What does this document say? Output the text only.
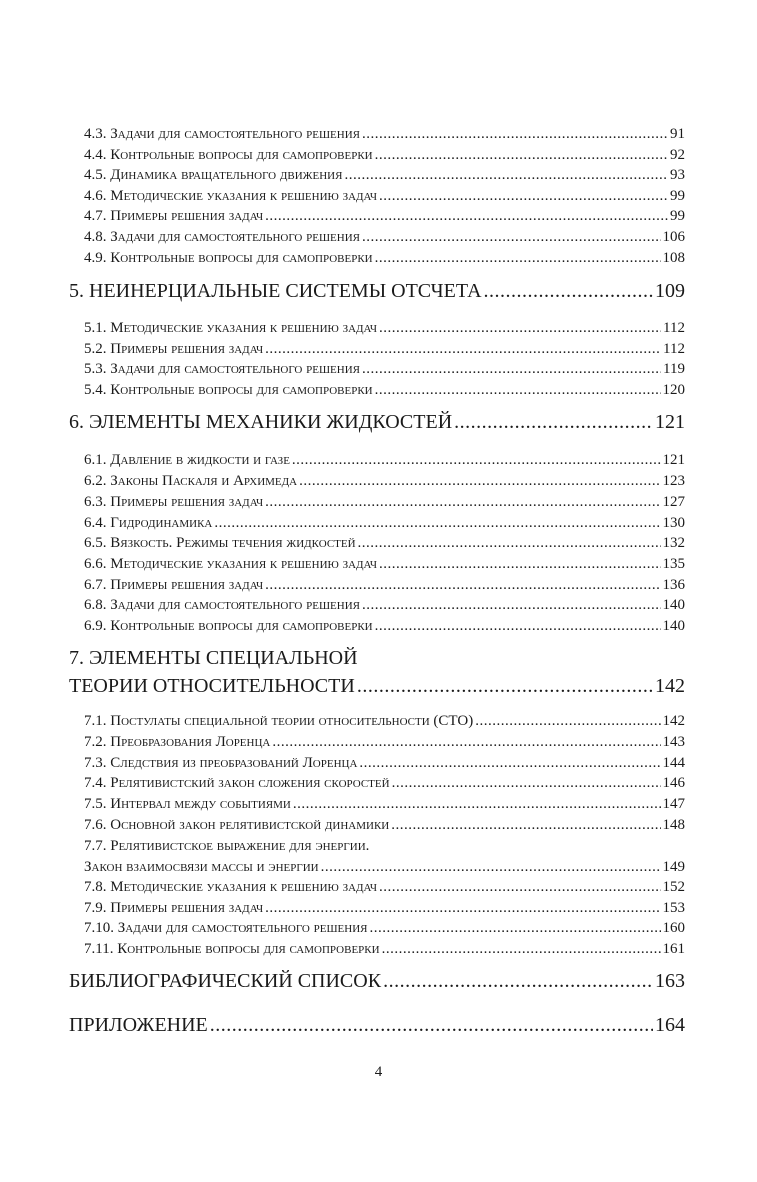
4.3. Задачи для самостоятельного решения .....	91
4.4. Контрольные вопросы для самопроверки .....	92
4.5. Динамика вращательного движения .....	93
4.6. Методические указания к решению задач .....	99
4.7. Примеры решения задач .....	99
4.8. Задачи для самостоятельного решения .....	106
4.9. Контрольные вопросы для самопроверки .....	108
5. НЕИНЕРЦИАЛЬНЫЕ СИСТЕМЫ ОТСЧЕТА .....	109
5.1. Методические указания к решению задач .....	112
5.2. Примеры решения задач .....	112
5.3. Задачи для самостоятельного решения .....	119
5.4. Контрольные вопросы для самопроверки .....	120
6. ЭЛЕМЕНТЫ МЕХАНИКИ ЖИДКОСТЕЙ .....	121
6.1. Давление в жидкости и газе .....	121
6.2. Законы Паскаля и Архимеда .....	123
6.3. Примеры решения задач .....	127
6.4. Гидродинамика .....	130
6.5. Вязкость. Режимы течения жидкостей .....	132
6.6. Методические указания к решению задач .....	135
6.7. Примеры решения задач .....	136
6.8. Задачи для самостоятельного решения .....	140
6.9. Контрольные вопросы для самопроверки .....	140
7. ЭЛЕМЕНТЫ СПЕЦИАЛЬНОЙ
ТЕОРИИ ОТНОСИТЕЛЬНОСТИ .....	142
7.1. Постулаты специальной теории относительности (СТО) .....	142
7.2. Преобразования Лоренца .....	143
7.3. Следствия из преобразований Лоренца .....	144
7.4. Релятивистский закон сложения скоростей .....	146
7.5. Интервал между событиями .....	147
7.6. Основной закон релятивистской динамики .....	148
7.7. Релятивистское выражение для энергии.
Закон взаимосвязи массы и энергии .....	149
7.8. Методические указания к решению задач .....	152
7.9. Примеры решения задач .....	153
7.10. Задачи для самостоятельного решения .....	160
7.11. Контрольные вопросы для самопроверки .....	161
БИБЛИОГРАФИЧЕСКИЙ СПИСОК .....	163
ПРИЛОЖЕНИЕ .....	164
4
